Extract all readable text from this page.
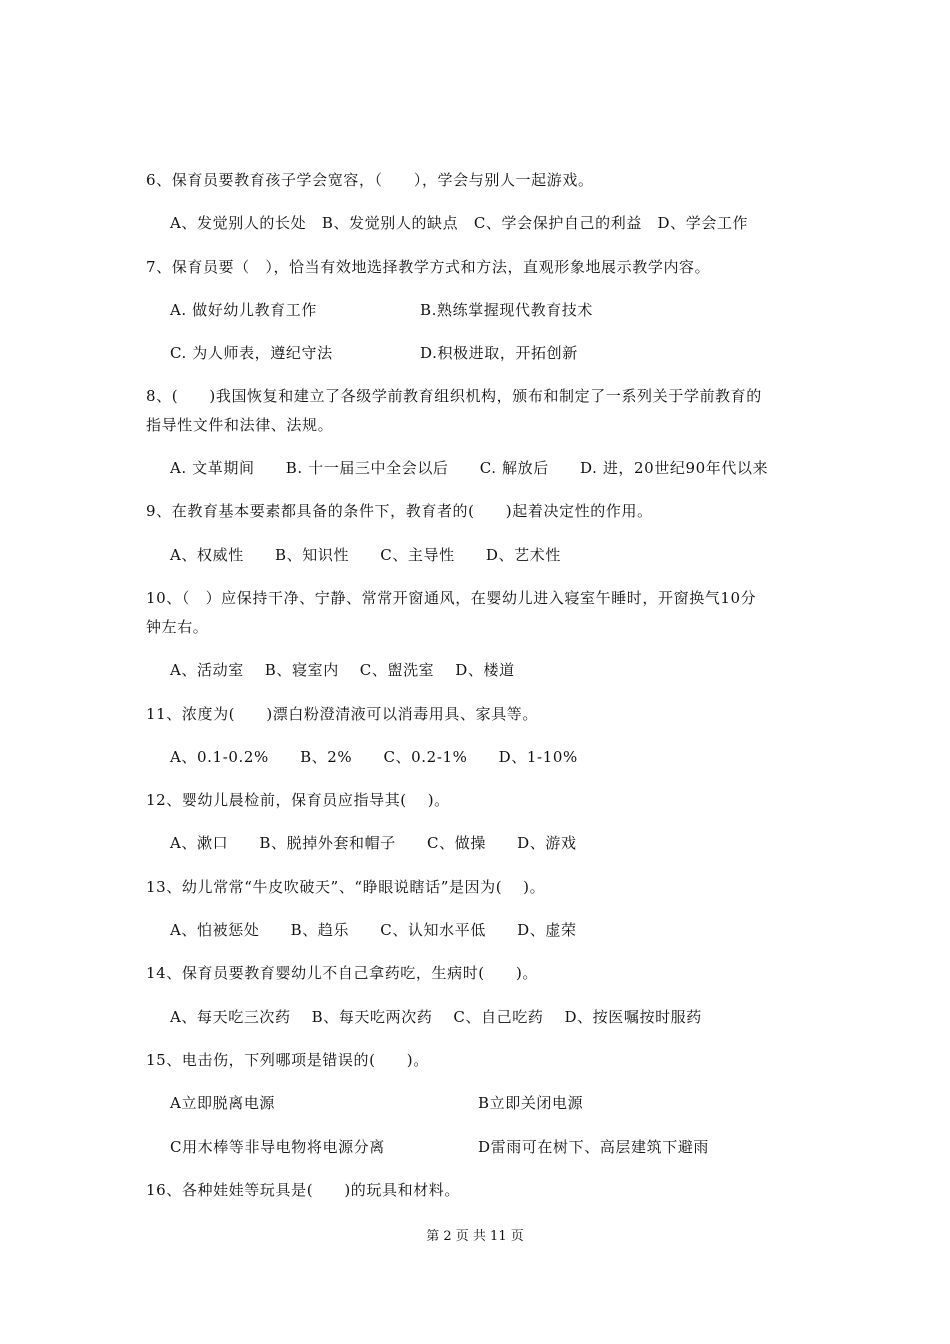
6、保育员要教育孩子学会宽容，（　　），学会与别人一起游戏。
A、发觉别人的长处　B、发觉别人的缺点　C、学会保护自己的利益　D、学会工作
7、保育员要（　），恰当有效地选择教学方式和方法，直观形象地展示教学内容。
A. 做好幼儿教育工作	B.熟练掌握现代教育技术
C. 为人师表，遵纪守法	D.积极进取，开拓创新
8、(　　)我国恢复和建立了各级学前教育组织机构，颁布和制定了一系列关于学前教育的
指导性文件和法律、法规。
A. 文革期间　　B. 十一届三中全会以后　　C. 解放后　　D. 进，20世纪90年代以来
9、在教育基本要素都具备的条件下，教育者的(　　)起着决定性的作用。
A、权威性　　B、知识性　　C、主导性　　D、艺术性
10、（　）应保持干净、宁静、常常开窗通风，在婴幼儿进入寝室午睡时，开窗换气10分
钟左右。
A、活动室　 B、寝室内　 C、盥洗室　 D、楼道
11、浓度为(　　)漂白粉澄清液可以消毒用具、家具等。
A、0.1-0.2%　　B、2%　　C、0.2-1%　　D、1-10%
12、婴幼儿晨检前，保育员应指导其(　 )。
A、漱口　　B、脱掉外套和帽子　　C、做操　　D、游戏
13、幼儿常常“牛皮吹破天”、“睁眼说瞎话”是因为(　 )。
A、怕被惩处　　B、趋乐　　C、认知水平低　　D、虚荣
14、保育员要教育婴幼儿不自己拿药吃，生病时(　　)。
A、每天吃三次药　 B、每天吃两次药　 C、自己吃药　 D、按医嘱按时服药
15、电击伤，下列哪项是错误的(　　)。
A立即脱离电源	B立即关闭电源
C用木棒等非导电物将电源分离	D雷雨可在树下、高层建筑下避雨
16、各种娃娃等玩具是(　　)的玩具和材料。
第 2 页 共 11 页
